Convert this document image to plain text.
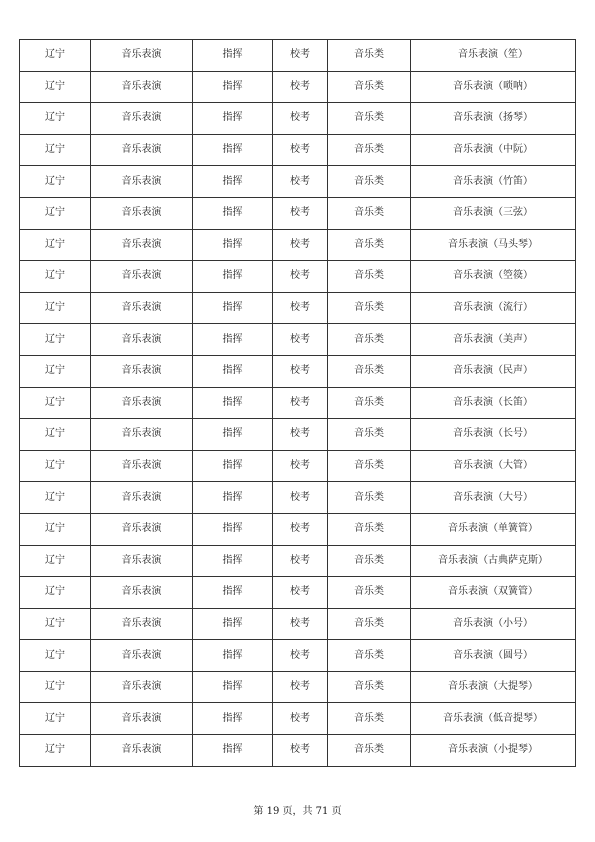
辽宁	音乐表演	指挥	校考	音乐类	音乐表演（笙）
辽宁	音乐表演	指挥	校考	音乐类	音乐表演（唢呐）
辽宁	音乐表演	指挥	校考	音乐类	音乐表演（扬琴）
辽宁	音乐表演	指挥	校考	音乐类	音乐表演（中阮）
辽宁	音乐表演	指挥	校考	音乐类	音乐表演（竹笛）
辽宁	音乐表演	指挥	校考	音乐类	音乐表演（三弦）
辽宁	音乐表演	指挥	校考	音乐类	音乐表演（马头琴）
辽宁	音乐表演	指挥	校考	音乐类	音乐表演（箜篌）
辽宁	音乐表演	指挥	校考	音乐类	音乐表演（流行）
辽宁	音乐表演	指挥	校考	音乐类	音乐表演（美声）
辽宁	音乐表演	指挥	校考	音乐类	音乐表演（民声）
辽宁	音乐表演	指挥	校考	音乐类	音乐表演（长笛）
辽宁	音乐表演	指挥	校考	音乐类	音乐表演（长号）
辽宁	音乐表演	指挥	校考	音乐类	音乐表演（大管）
辽宁	音乐表演	指挥	校考	音乐类	音乐表演（大号）
辽宁	音乐表演	指挥	校考	音乐类	音乐表演（单簧管）
辽宁	音乐表演	指挥	校考	音乐类	音乐表演（古典萨克斯）
辽宁	音乐表演	指挥	校考	音乐类	音乐表演（双簧管）
辽宁	音乐表演	指挥	校考	音乐类	音乐表演（小号）
辽宁	音乐表演	指挥	校考	音乐类	音乐表演（圆号）
辽宁	音乐表演	指挥	校考	音乐类	音乐表演（大提琴）
辽宁	音乐表演	指挥	校考	音乐类	音乐表演（低音提琴）
辽宁	音乐表演	指挥	校考	音乐类	音乐表演（小提琴）
第 19 页，共 71 页
